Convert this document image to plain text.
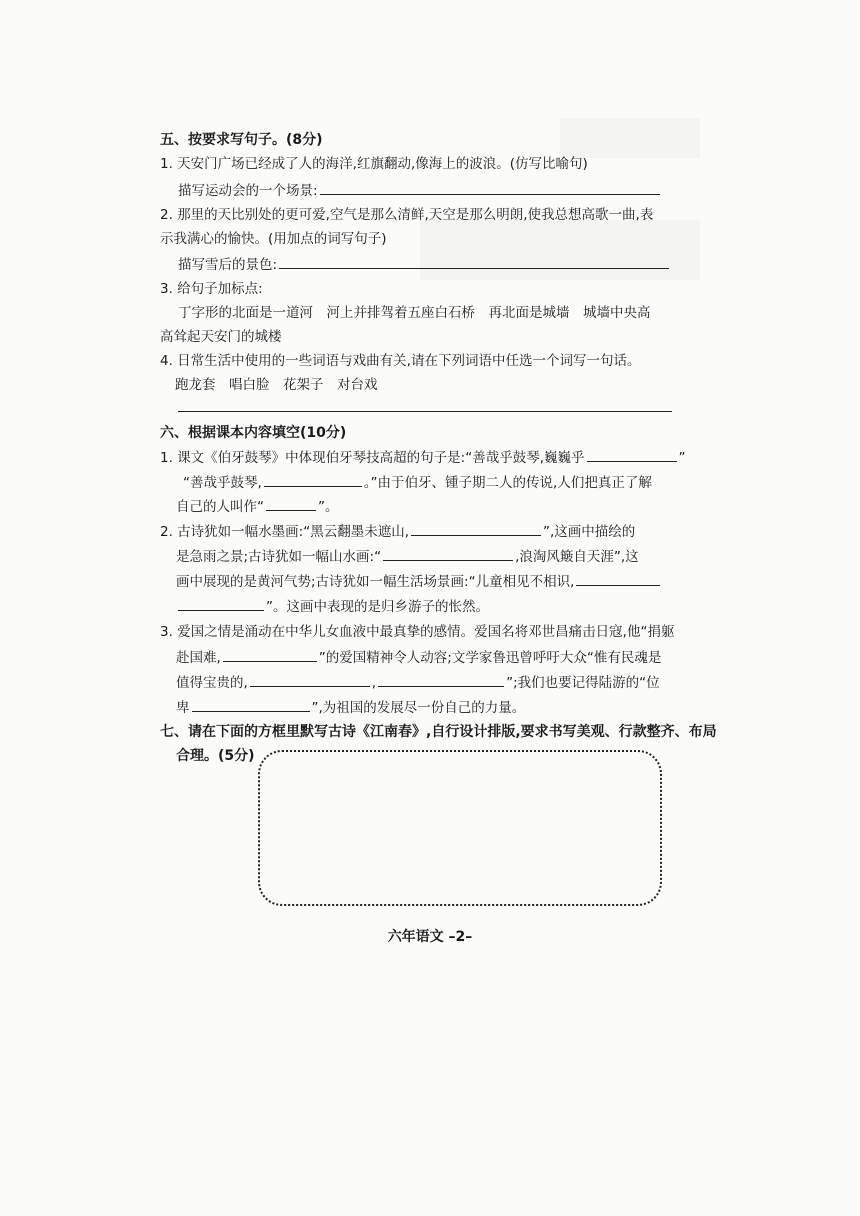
五、按要求写句子。(8分)
1. 天安门广场已经成了人的海洋,红旗翻动,像海上的波浪。(仿写比喻句)
描写运动会的一个场景:
2. 那里的天比别处的更可爱,空气是那么清鲜,天空是那么明朗,使我总想高歌一曲,表
示我满心的愉快。(用加点的词写句子)
描写雪后的景色:
3. 给句子加标点:
丁字形的北面是一道河　河上并排驾着五座白石桥　再北面是城墙　城墙中央高
高耸起天安门的城楼
4. 日常生活中使用的一些词语与戏曲有关,请在下列词语中任选一个词写一句话。
跑龙套　唱白脸　花架子　对台戏
六、根据课本内容填空(10分)
1. 课文《伯牙鼓琴》中体现伯牙琴技高超的句子是:“善哉乎鼓琴,巍巍乎	”
“善哉乎鼓琴,	。”由于伯牙、锺子期二人的传说,人们把真正了解
自己的人叫作“	”。
2. 古诗犹如一幅水墨画:“黑云翻墨未遮山,	”,这画中描绘的
是急雨之景;古诗犹如一幅山水画:“	,浪淘风簸自天涯”,这
画中展现的是黄河气势;古诗犹如一幅生活场景画:“儿童相见不相识,
”。这画中表现的是归乡游子的怅然。
3. 爱国之情是涌动在中华儿女血液中最真挚的感情。爱国名将邓世昌痛击日寇,他“捐躯
赴国难,	”的爱国精神令人动容;文学家鲁迅曾呼吁大众“惟有民魂是
值得宝贵的,	,	”;我们也要记得陆游的“位
卑	”,为祖国的发展尽一份自己的力量。
七、请在下面的方框里默写古诗《江南春》,自行设计排版,要求书写美观、行款整齐、布局
合理。(5分)
六年语文 –2–
